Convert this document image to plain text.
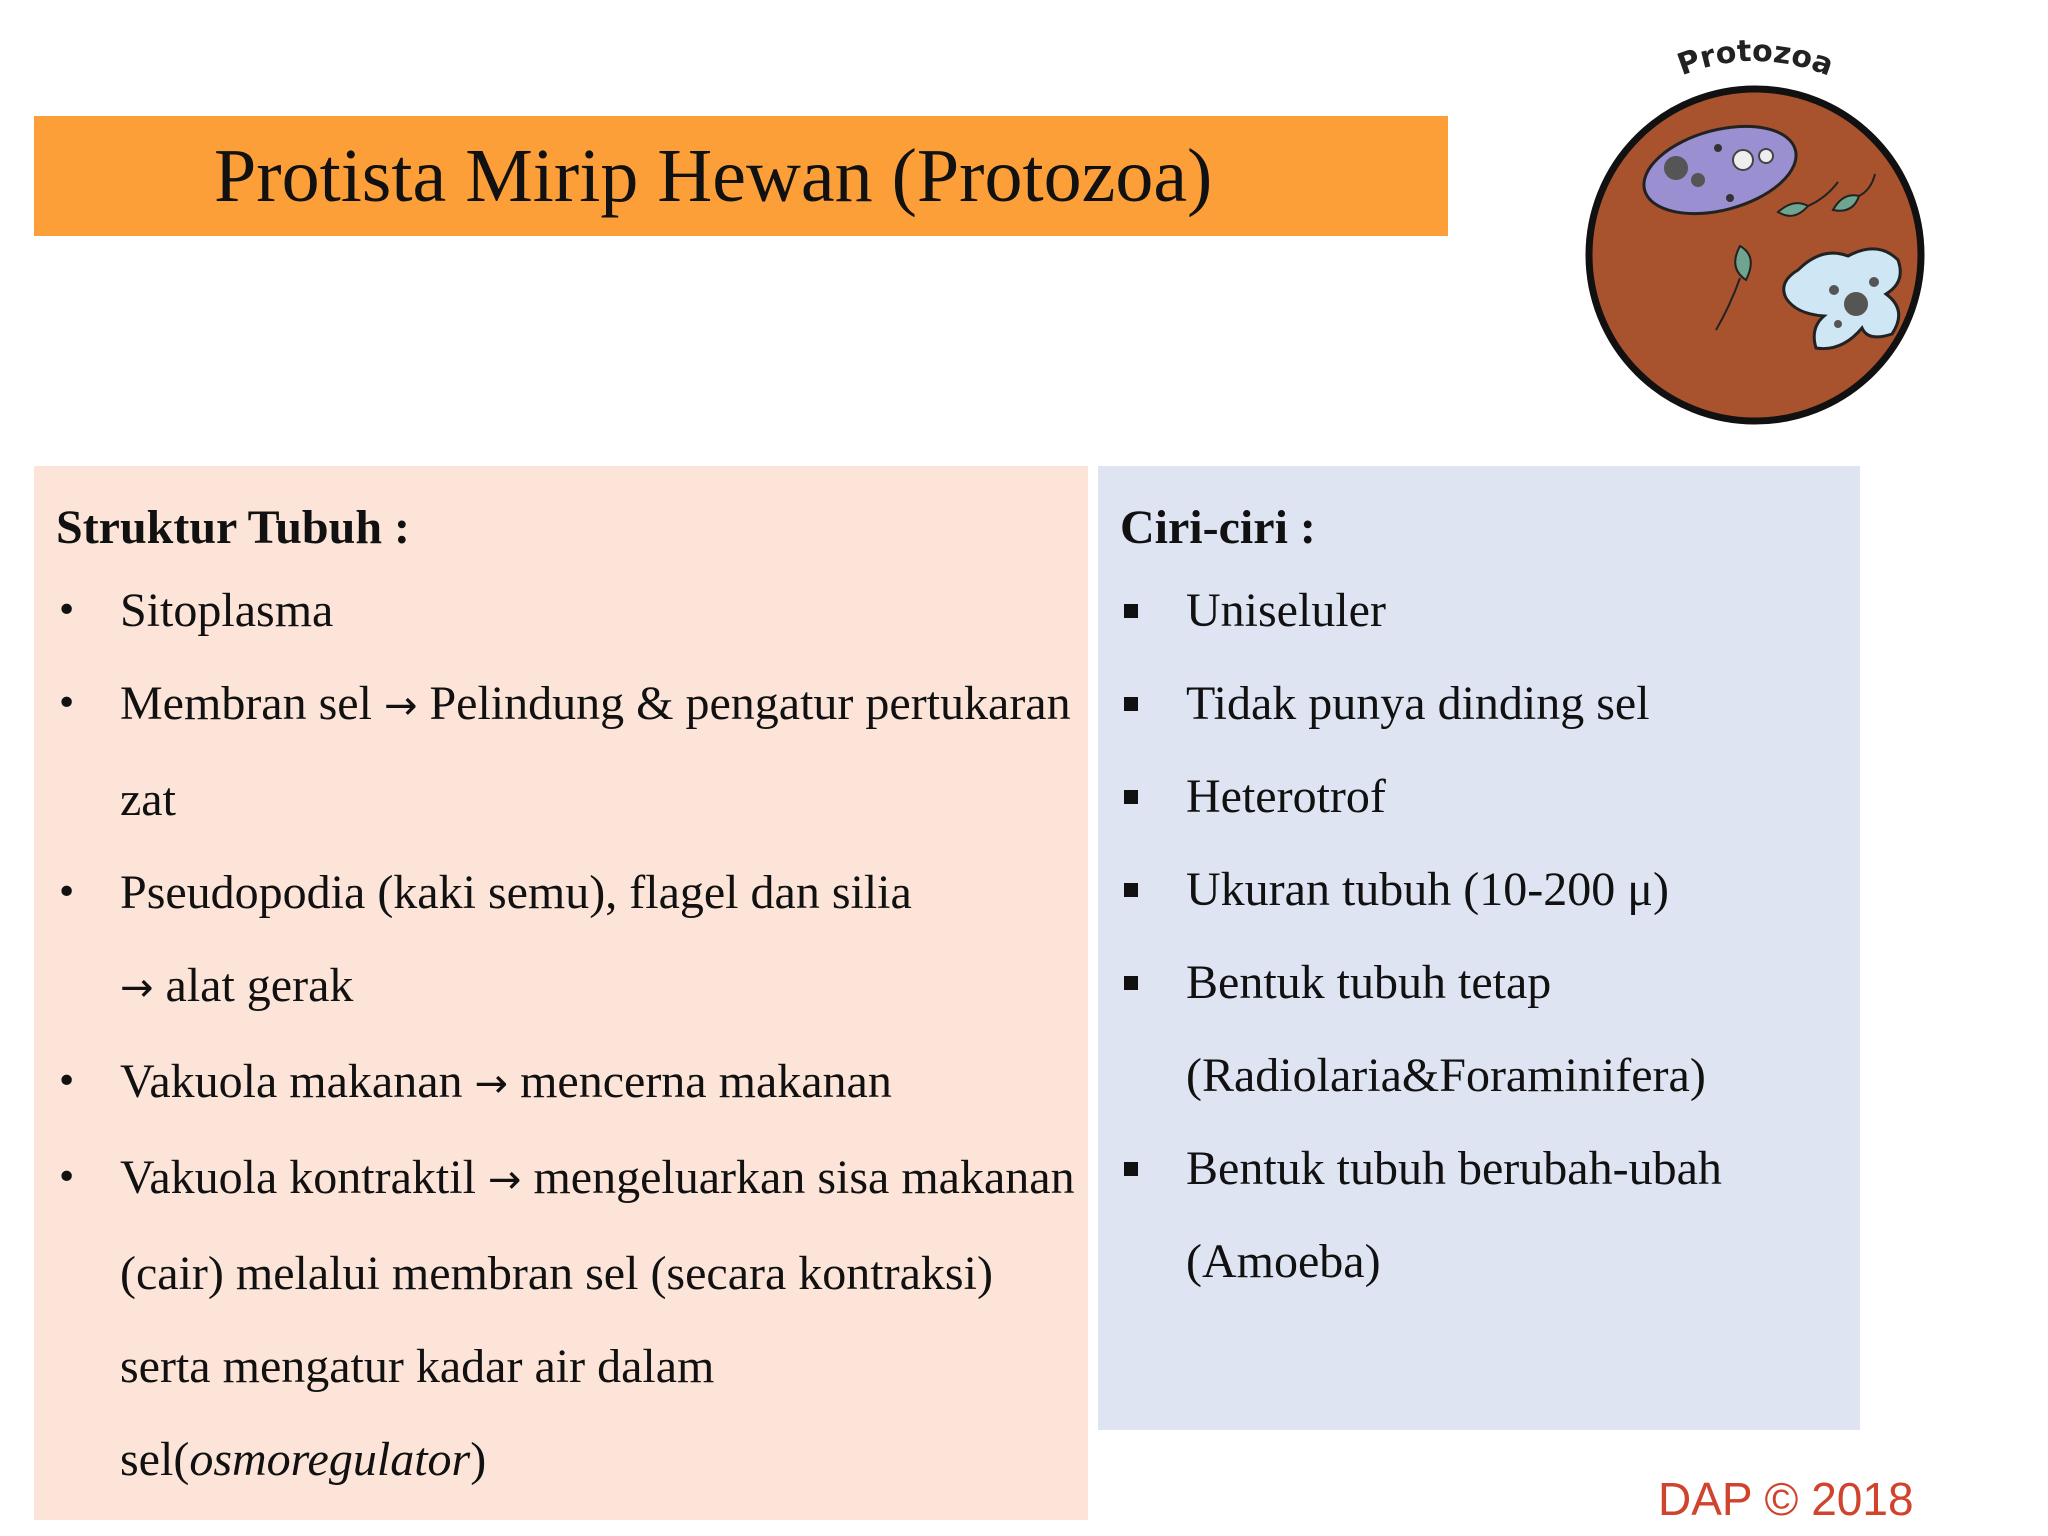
Protista Mirip Hewan (Protozoa)
Protozoa
Struktur Tubuh :
• Sitoplasma
• Membran sel → Pelindung & pengatur pertukaran zat
• Pseudopodia (kaki semu), flagel dan silia
→ alat gerak
• Vakuola makanan → mencerna makanan
• Vakuola kontraktil → mengeluarkan sisa makanan (cair) melalui membran sel (secara kontraksi) serta mengatur kadar air dalam sel(osmoregulator)
Ciri-ciri :
Uniseluler
Tidak punya dinding sel
Heterotrof
Ukuran tubuh (10-200 μ)
Bentuk tubuh tetap (Radiolaria&Foraminifera)
Bentuk tubuh berubah-ubah (Amoeba)
DAP © 2018
